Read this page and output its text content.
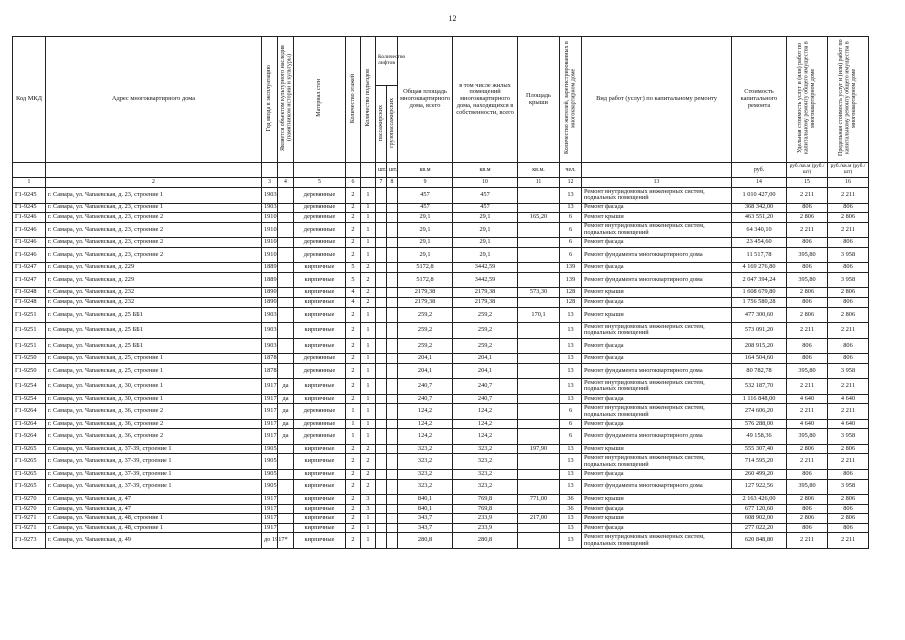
12
Код МКД	Адрес многоквартирного дома	Год ввода в эксплуатацию	Является объектом культурного наследия (памятником истории и культуры)	Материал стен	Количество этажей	Количество подъездов	Количество лифтов		Общая площадь многоквартирного дома, всего	в том числе жилых помещений многоквартирного дома, находящихся в собственности, всего	Площадь крыши	Количество жителей, зарегистрированных в многоквартирном доме	Вид работ (услуг) по капитальному ремонту	Стоимость капитального ремонта	Удельная стоимость услуг и (или) работ по капитальному ремонту общего имущества в многоквартирном доме	Предельная стоимость услуг и (или) работ по капитальному ремонту общего имущества в многоквартирном доме
							пассажирских	грузопассажирских								
							шт.	шт.	кв.м	кв.м	кв.м.	чел.		руб.	руб./кв.м (руб./шт)	руб./кв.м (руб./шт)
1	2	3	4	5	6		7	8	9	10	11	12	13	14	15	16
Г1-9245	г. Самара, ул. Чапаевская, д. 23, строение 1	1903		деревянные	2	1			457	457		13	Ремонт внутридомовых инженерных систем, подвальных помещений	1 010 427,00	2 211	2 211
Г1-9245	г. Самара, ул. Чапаевская, д. 23, строение 1	1903		деревянные	2	1			457	457		13	Ремонт фасада	368 342,00	806	806
Г1-9246	г. Самара, ул. Чапаевская, д. 23, строение 2	1910		деревянные	2	1			29,1	29,1	165,20	6	Ремонт крыши	463 551,20	2 806	2 806
Г1-9246	г. Самара, ул. Чапаевская, д. 23, строение 2	1910		деревянные	2	1			29,1	29,1		6	Ремонт внутридомовых инженерных систем, подвальных помещений	64 340,10	2 211	2 211
Г1-9246	г. Самара, ул. Чапаевская, д. 23, строение 2	1910		деревянные	2	1			29,1	29,1		6	Ремонт фасада	23 454,60	806	806
Г1-9246	г. Самара, ул. Чапаевская, д. 23, строение 2	1910		деревянные	2	1			29,1	29,1		6	Ремонт фундамента многоквартирного дома	11 517,78	395,80	3 958
Г1-9247	г. Самара, ул. Чапаевская, д. 229	1889		кирпичные	5	2			5172,8	3442,59		139	Ремонт фасада	4 169 276,80	806	806
Г1-9247	г. Самара, ул. Чапаевская, д. 229	1889		кирпичные	5	2			5172,8	3442,59		139	Ремонт фундамента многоквартирного дома	2 047 394,24	395,80	3 958
Г1-9248	г. Самара, ул. Чапаевская, д. 232	1890		кирпичные	4	2			2179,38	2179,38	573,30	128	Ремонт крыши	1 608 679,80	2 806	2 806
Г1-9248	г. Самара, ул. Чапаевская, д. 232	1890		кирпичные	4	2			2179,38	2179,38		128	Ремонт фасада	1 756 580,28	806	806
Г1-9251	г. Самара, ул. Чапаевская, д. 25 ББ1	1903		кирпичные	2	1			259,2	259,2	170,1	13	Ремонт крыши	477 300,60	2 806	2 806
Г1-9251	г. Самара, ул. Чапаевская, д. 25 ББ1	1903		кирпичные	2	1			259,2	259,2		13	Ремонт внутридомовых инженерных систем, подвальных помещений	573 091,20	2 211	2 211
Г1-9251	г. Самара, ул. Чапаевская, д. 25 ББ1	1903		кирпичные	2	1			259,2	259,2		13	Ремонт фасада	208 915,20	806	806
Г1-9250	г. Самара, ул. Чапаевская, д. 25, строение 1	1878		деревянные	2	1			204,1	204,1		13	Ремонт фасада	164 504,60	806	806
Г1-9250	г. Самара, ул. Чапаевская, д. 25, строение 1	1878		деревянные	2	1			204,1	204,1		13	Ремонт фундамента многоквартирного дома	80 782,78	395,80	3 958
Г1-9254	г. Самара, ул. Чапаевская, д. 30, строение 1	1917	да	кирпичные	2	1			240,7	240,7		13	Ремонт внутридомовых инженерных систем, подвальных помещений	532 187,70	2 211	2 211
Г1-9254	г. Самара, ул. Чапаевская, д. 30, строение 1	1917	да	кирпичные	2	1			240,7	240,7		13	Ремонт фасада	1 116 848,00	4 640	4 640
Г1-9264	г. Самара, ул. Чапаевская, д. 36, строение 2	1917	да	деревянные	1	1			124,2	124,2		6	Ремонт внутридомовых инженерных систем, подвальных помещений	274 606,20	2 211	2 211
Г1-9264	г. Самара, ул. Чапаевская, д. 36, строение 2	1917	да	деревянные	1	1			124,2	124,2		6	Ремонт фасада	576 288,00	4 640	4 640
Г1-9264	г. Самара, ул. Чапаевская, д. 36, строение 2	1917	да	деревянные	1	1			124,2	124,2		6	Ремонт фундамента многоквартирного дома	49 158,36	395,80	3 958
Г1-9265	г. Самара, ул. Чапаевская, д. 37-39, строение 1	1905		кирпичные	2	2			323,2	323,2	197,90	13	Ремонт крыши	555 307,40	2 806	2 806
Г1-9265	г. Самара, ул. Чапаевская, д. 37-39, строение 1	1905		кирпичные	2	2			323,2	323,2		13	Ремонт внутридомовых инженерных систем, подвальных помещений	714 595,20	2 211	2 211
Г1-9265	г. Самара, ул. Чапаевская, д. 37-39, строение 1	1905		кирпичные	2	2			323,2	323,2		13	Ремонт фасада	260 499,20	806	806
Г1-9265	г. Самара, ул. Чапаевская, д. 37-39, строение 1	1905		кирпичные	2	2			323,2	323,2		13	Ремонт фундамента многоквартирного дома	127 922,56	395,80	3 958
Г1-9270	г. Самара, ул. Чапаевская, д. 47	1917		кирпичные	2	3			840,1	769,8	771,00	36	Ремонт крыши	2 163 426,00	2 806	2 806
Г1-9270	г. Самара, ул. Чапаевская, д. 47	1917		кирпичные	2	3			840,1	769,8		36	Ремонт фасада	677 120,60	806	806
Г1-9271	г. Самара, ул. Чапаевская, д. 48, строение 1	1917		кирпичные	2	1			343,7	233,9	217,00	13	Ремонт крыши	608 902,00	2 806	2 806
Г1-9271	г. Самара, ул. Чапаевская, д. 48, строение 1	1917		кирпичные	2	1			343,7	233,9		13	Ремонт фасада	277 022,20	806	806
Г1-9273	г. Самара, ул. Чапаевская, д. 49	до 1917*		кирпичные	2	1			280,8	280,8		13	Ремонт внутридомовых инженерных систем, подвальных помещений	620 848,80	2 211	2 211
